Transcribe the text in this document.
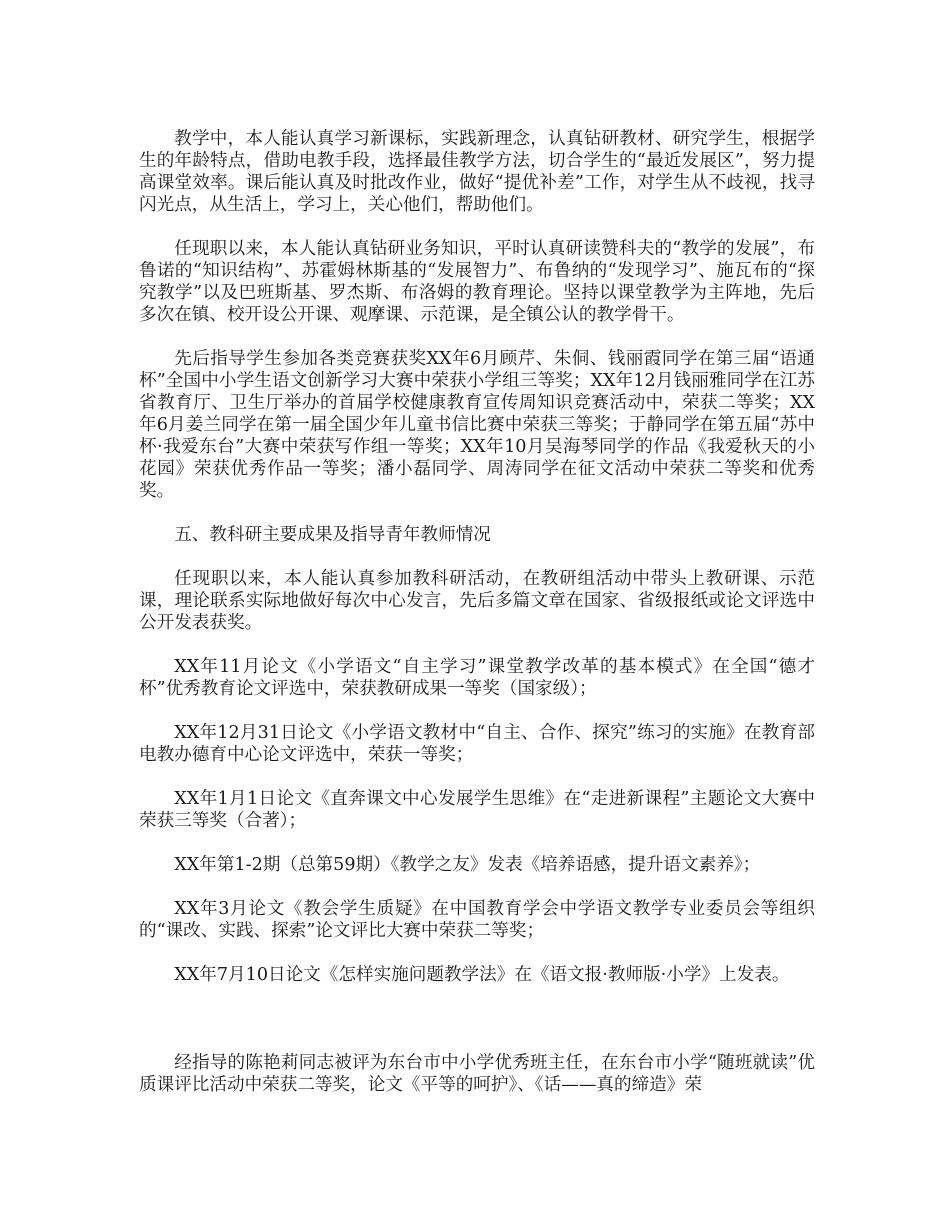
教学中，本人能认真学习新课标，实践新理念，认真钻研教材、研究学生，根据学生的年龄特点，借助电教手段，选择最佳教学方法，切合学生的“最近发展区”，努力提高课堂效率。课后能认真及时批改作业，做好“提优补差”工作，对学生从不歧视，找寻闪光点，从生活上，学习上，关心他们，帮助他们。

任现职以来，本人能认真钻研业务知识，平时认真研读赞科夫的“教学的发展”，布鲁诺的“知识结构”、苏霍姆林斯基的“发展智力”、布鲁纳的“发现学习”、施瓦布的“探究教学”以及巴班斯基、罗杰斯、布洛姆的教育理论。坚持以课堂教学为主阵地，先后多次在镇、校开设公开课、观摩课、示范课，是全镇公认的教学骨干。

先后指导学生参加各类竞赛获奖XX年6月顾芹、朱侗、钱丽霞同学在第三届“语通杯”全国中小学生语文创新学习大赛中荣获小学组三等奖；XX年12月钱丽雅同学在江苏省教育厅、卫生厅举办的首届学校健康教育宣传周知识竞赛活动中，荣获二等奖；XX年6月姜兰同学在第一届全国少年儿童书信比赛中荣获三等奖；于静同学在第五届“苏中杯·我爱东台”大赛中荣获写作组一等奖；XX年10月吴海琴同学的作品《我爱秋天的小花园》荣获优秀作品一等奖；潘小磊同学、周涛同学在征文活动中荣获二等奖和优秀奖。

五、教科研主要成果及指导青年教师情况

任现职以来，本人能认真参加教科研活动，在教研组活动中带头上教研课、示范课，理论联系实际地做好每次中心发言，先后多篇文章在国家、省级报纸或论文评选中公开发表获奖。

XX年11月论文《小学语文“自主学习”课堂教学改革的基本模式》在全国“德才杯”优秀教育论文评选中，荣获教研成果一等奖（国家级）；

XX年12月31日论文《小学语文教材中“自主、合作、探究”练习的实施》在教育部电教办德育中心论文评选中，荣获一等奖；

XX年1月1日论文《直奔课文中心发展学生思维》在“走进新课程”主题论文大赛中荣获三等奖（合著）；

XX年第1-2期（总第59期）《教学之友》发表《培养语感，提升语文素养》；

XX年3月论文《教会学生质疑》在中国教育学会中学语文教学专业委员会等组织的“课改、实践、探索”论文评比大赛中荣获二等奖；

XX年7月10日论文《怎样实施问题教学法》在《语文报·教师版·小学》上发表。

经指导的陈艳莉同志被评为东台市中小学优秀班主任，在东台市小学“随班就读”优质课评比活动中荣获二等奖，论文《平等的呵护》、《话——真的缔造》荣
